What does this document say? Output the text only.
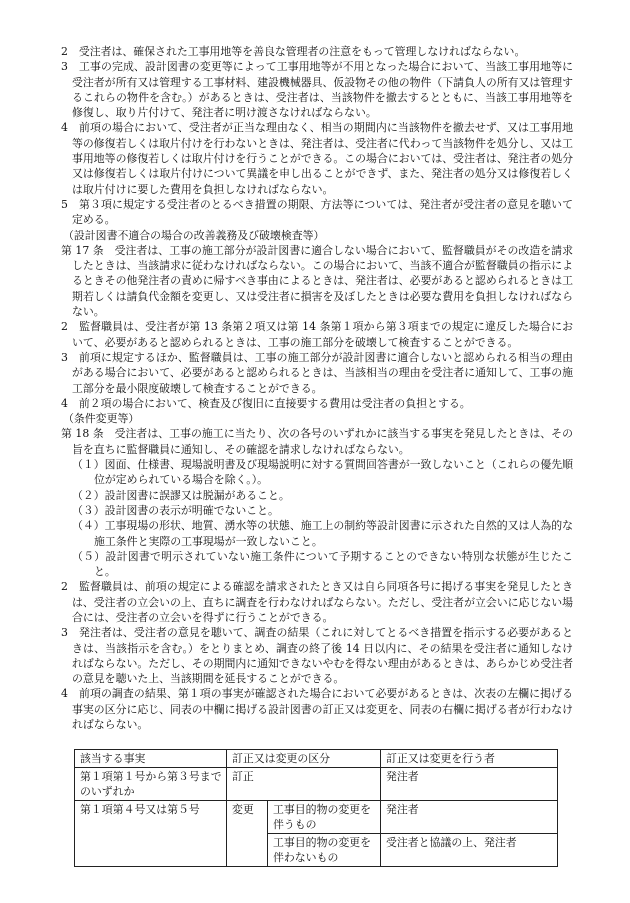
2　受注者は、確保された工事用地等を善良な管理者の注意をもって管理しなければならない。

3　工事の完成、設計図書の変更等によって工事用地等が不用となった場合において、当該工事用地等に受注者が所有又は管理する工事材料、建設機械器具、仮設物その他の物件（下請負人の所有又は管理するこれらの物件を含む。）があるときは、受注者は、当該物件を撤去するとともに、当該工事用地等を修復し、取り片付けて、発注者に明け渡さなければならない。

4　前項の場合において、受注者が正当な理由なく、相当の期間内に当該物件を撤去せず、又は工事用地等の修復若しくは取片付けを行わないときは、発注者は、受注者に代わって当該物件を処分し、又は工事用地等の修復若しくは取片付けを行うことができる。この場合においては、受注者は、発注者の処分又は修復若しくは取片付けについて異議を申し出ることができず、また、発注者の処分又は修復若しくは取片付けに要した費用を負担しなければならない。

5　第３項に規定する受注者のとるべき措置の期限、方法等については、発注者が受注者の意見を聴いて定める。

（設計図書不適合の場合の改善義務及び破壊検査等）

第 17 条　受注者は、工事の施工部分が設計図書に適合しない場合において、監督職員がその改造を請求したときは、当該請求に従わなければならない。この場合において、当該不適合が監督職員の指示によるときその他発注者の責めに帰すべき事由によるときは、発注者は、必要があると認められるときは工期若しくは請負代金額を変更し、又は受注者に損害を及ぼしたときは必要な費用を負担しなければならない。

2　監督職員は、受注者が第 13 条第２項又は第 14 条第１項から第３項までの規定に違反した場合において、必要があると認められるときは、工事の施工部分を破壊して検査することができる。

3　前項に規定するほか、監督職員は、工事の施工部分が設計図書に適合しないと認められる相当の理由がある場合において、必要があると認められるときは、当該相当の理由を受注者に通知して、工事の施工部分を最小限度破壊して検査することができる。

4　前２項の場合において、検査及び復旧に直接要する費用は受注者の負担とする。

（条件変更等）

第 18 条　受注者は、工事の施工に当たり、次の各号のいずれかに該当する事実を発見したときは、その旨を直ちに監督職員に通知し、その確認を請求しなければならない。

（１）図面、仕様書、現場説明書及び現場説明に対する質問回答書が一致しないこと（これらの優先順位が定められている場合を除く。）。

（２）設計図書に誤謬又は脱漏があること。

（３）設計図書の表示が明確でないこと。

（４）工事現場の形状、地質、湧水等の状態、施工上の制約等設計図書に示された自然的又は人為的な施工条件と実際の工事現場が一致しないこと。

（５）設計図書で明示されていない施工条件について予期することのできない特別な状態が生じたこと。

2　監督職員は、前項の規定による確認を請求されたとき又は自ら同項各号に掲げる事実を発見したときは、受注者の立会いの上、直ちに調査を行わなければならない。ただし、受注者が立会いに応じない場合には、受注者の立会いを得ずに行うことができる。

3　発注者は、受注者の意見を聴いて、調査の結果（これに対してとるべき措置を指示する必要があるときは、当該指示を含む。）をとりまとめ、調査の終了後 14 日以内に、その結果を受注者に通知しなければならない。ただし、その期間内に通知できないやむを得ない理由があるときは、あらかじめ受注者の意見を聴いた上、当該期間を延長することができる。

4　前項の調査の結果、第１項の事実が確認された場合において必要があるときは、次表の左欄に掲げる事実の区分に応じ、同表の中欄に掲げる設計図書の訂正又は変更を、同表の右欄に掲げる者が行わなければならない。

該当する事実	訂正又は変更の区分		訂正又は変更を行う者
第１項第１号から第３号までのいずれか	訂正		発注者
第１項第４号又は第５号	変更	工事目的物の変更を伴うもの	発注者
		工事目的物の変更を伴わないもの	受注者と協議の上、発注者
